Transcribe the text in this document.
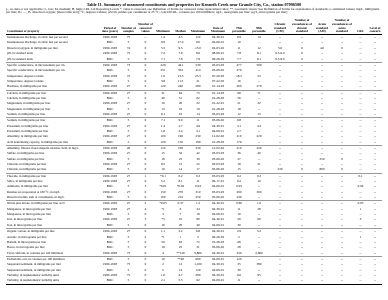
Table 11. Summary of measured constituents and properties for Kenneth Creek near Grande City, Co., station 07096500
[-- no data or not applicable; L, low; M, medium; H, high; LRL, lab Reporting Levels *, value is censored, see Definition of Terms for censored value replacement rules; **, Geometric mean; See Definition of Terms for explanation of standards; e, estimated values; mg/L, milligrams per liter; IU, ... ; B, dissolved oxygen; [more table text]; °C, degrees Celsius; µS/cm, µmhos per centimeter at 25 °C; cols/100 mL, colonies per 100 milliliters; ng/L, nanograms per liter; µg/L, micrograms per liter]
Constituent or property	Period of data (years)	Number of samples	Number of censored values	Minimum	Median	Maximum	Date of Maximum	75th percentile	95th percentile	Chronic standard (CM)	Number of exceedances of chronic standard	Acute standard (AM)	Number of exceedances of acute standard	LRL	Level of concern
Instantaneous discharge, in cubic feet per second	1990-1993	75	--	1.4	4.5	110	04-30-91	6.9	14	--	--	--	--	--	--
Instantaneous discharge, in cubic feet per second	BOC	5	0	0.9	17.0	9.0	04-09-01	10	-	--	--	--	--	--	--
Dissolved oxygen, in milligrams per liter	1990-1993	74	0	5.5	9.5	13.0	02-03-92	11	12	5.0	0	4.0	0	--	--
pH, in standard units	1990-1993	75	0	7.2	7.9	8.6	08-06-91	7.8	8.1	6.5-9.0	0	--	--	--	--
pH, in standard units	BOC	5	0	7.1	7.6	7.9	06-26-03	7.7	8.1	6.5-9.0	0	--	--	--	--
Specific conductance, in microsiemens per cm	1990-1993	73	0	229	441	530	03-03-93	477	509	--	--	--	--	--	--
Specific conductance, in microsiemens per cm	BOC	5	0	251	352	414	03-06-02	379	--	--	--	--	--	--	--
Temperature, degrees Celsius	1990-1993	75	0	1.0	13.5	25.5	07-20-93	18.5	23	--	--	--	--	--	--
Temperature, degrees Celsius	BOC	5	0	3.8	11.5	21	07-22-02	16	--	--	--	--	--	--	--
Hardness, in milligrams per liter	1990-1993	27	0	120	240	280	01-14-93	260	270	--	--	--	--	--	--
Calcium, in milligrams per liter	1990-1993	27	0	31	64	73	01-14-93	68	71	--	--	--	--	--	--
Calcium, in milligrams per liter	BOC	5	0	40	51	62	01-28-03	56	--	--	--	--	--	--	--
Magnesium, in milligrams per liter	1990-1993	27	0	10	20	22	01-22-91	21	22	--	--	--	--	--	--
Magnesium, in milligrams per liter	BOC	5	0	13	16	19	01-28-03	18	--	--	--	--	--	--	--
Sodium, in milligrams per liter	1990-1993	27	0	6.1	10	14	03-03-93	12	13	--	--	--	--	--	--
Sodium, in milligrams per liter	BOC	5	0	7.1	9.0	11	03-06-02	9.8	--	--	--	--	--	--	--
Potassium, in milligrams per liter	1990-1993	27	0	1.4	2.7	4.9	04-30-91	3.1	4.3	--	--	--	--	--	--
Potassium, in milligrams per liter	BOC	5	0	1.8	2.4	3.1	04-09-01	2.7	--	--	--	--	--	--	--
Alkalinity, in milligrams per liter	1990-1993	27	0	100	190	230	12-02-92	210	220	--	--	--	--	--	--
Acid neutralizing capacity, in milligrams per liter	BOC	5	0	120	150	190	01-28-03	170	--	--	--	--	--	--	--
Alkalinity, filtered, fixed endpoint titration, field, in mg/L	1990-1993	26	0	110	190	230	12-02-92	210	220	--	--	--	--	--	--
Sulfate, in milligrams per liter	1990-1993	27	0	15	32	42	03-03-93	36	40	--	--	--	--	--	--
Sulfate, in milligrams per liter	BOC	5	0	18	25	30	03-06-02	27	--	--	--	250	0	--	--
Chloride, in milligrams per liter	1990-1993	27	0	8.5	15	22	03-03-93	18	21	--	--	--	--	--	--
Chloride, in milligrams per liter	BOC	5	0	10	14	17	03-06-02	15	--	230	0	860	0	--	--
Fluoride, in milligrams per liter	1990-1993	27	1	*0.1	0.2	0.3	03-03-93	0.2	0.3	--	--	--	--	0.1	--
Silica, in milligrams per liter	1990-1993	27	0	5.2	8.1	11	06-17-91	9.2	10	--	--	--	--	--	--
Ammonia, in milligrams per liter	BOC	5	3	*0.01	*0.02	0.04	04-09-01	0.03	--	--	--	--	--	0.04	--
Residue on evaporation at 180 °C, in mg/L	1990-1993	27	0	150	270	310	03-03-93	290	300	--	--	--	--	--	--
Dissolved solids, sum of constituents, in mg/L	BOC	5	0	160	210	250	03-06-02	230	--	--	--	--	--	--	--
Nitrite plus nitrate, in milligrams per liter as N	1990-1993	27	2	*0.05	0.37	1.2	04-30-91	0.60	1.0	--	--	--	--	0.05	--
Manganese, in micrograms per liter	1990-1993	27	4	*1	6	34	04-30-91	11	28	--	--	--	--	1	--
Manganese, in micrograms per liter	BOC	5	0	3	7	16	04-09-01	10	--	--	--	--	--	--	--
Iron, in micrograms per liter	1990-1993	27	3	*3	10	80	04-30-91	20	60	--	--	--	--	3	--
Iron, in micrograms per liter	BOC	5	0	10	20	40	04-09-01	30	--	--	--	--	--	--	--
Organic carbon, in milligrams per liter	1990-1993	27	0	1.1	2.2	6.8	04-30-91	2.9	5.2	--	--	--	--	--	--
Arsenic, in micrograms per liter	BOC	5	2	*1	1	2	06-26-03	2	--	--	--	--	--	1	--
Barium, in micrograms per liter	BOC	5	0	50	63	72	01-28-03	68	--	--	--	--	--	--	--
Boron, in micrograms per liter	BOC	5	0	19	25	31	03-06-02	28	--	--	--	--	--	--	--
Fecal coliform, in colonies per 100 milliliters	1990-1993	75	0	4	**120	9,800	04-30-91	330	2,600	--	--	--	--	--	--
Escherichia coli, in colonies per 100 milliliters	BOC	5	0	10	**48	690	04-09-01	120	--	--	--	--	--	--	--
Suspended sediment, in milligrams per liter	1990-1993	75	0	2	12	1,100	04-30-91	35	380	--	--	--	--	--	--
Suspended sediment, in milligrams per liter	BOC	5	0	5	14	120	04-09-01	30	--	--	--	--	--	--	--
Turbidity, in nephelometric turbidity units	1990-1993	75	0	1.0	4.7	280	04-30-91	9.0	95	--	--	--	--	--	--
Turbidity, in nephelometric turbidity units	BOC	5	0	2.1	5.5	62	04-09-01	11	--	--	--	--	--	--	--
